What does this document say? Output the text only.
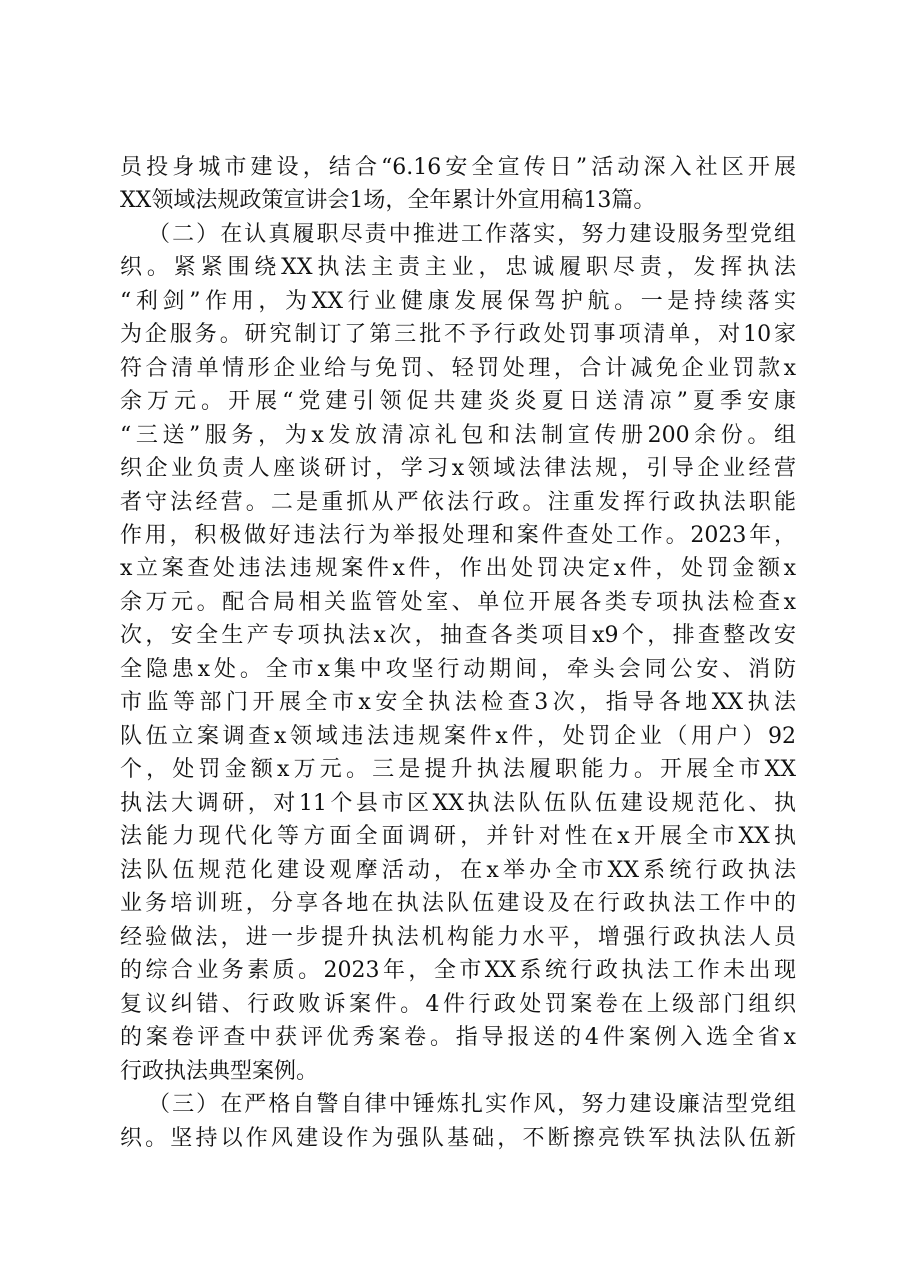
员投身城市建设，结合“6.16安全宣传日”活动深入社区开展
XX领域法规政策宣讲会1场，全年累计外宣用稿13篇。
（二）在认真履职尽责中推进工作落实，努力建设服务型党组
织。紧紧围绕XX执法主责主业，忠诚履职尽责，发挥执法
“利剑”作用，为XX行业健康发展保驾护航。一是持续落实
为企服务。研究制订了第三批不予行政处罚事项清单，对10家
符合清单情形企业给与免罚、轻罚处理，合计减免企业罚款x
余万元。开展“党建引领促共建炎炎夏日送清凉”夏季安康
“三送”服务，为x发放清凉礼包和法制宣传册200余份。组
织企业负责人座谈研讨，学习x领域法律法规，引导企业经营
者守法经营。二是重抓从严依法行政。注重发挥行政执法职能
作用，积极做好违法行为举报处理和案件查处工作。2023年，
x立案查处违法违规案件x件，作出处罚决定x件，处罚金额x
余万元。配合局相关监管处室、单位开展各类专项执法检查x
次，安全生产专项执法x次，抽查各类项目x9个，排查整改安
全隐患x处。全市x集中攻坚行动期间，牵头会同公安、消防
市监等部门开展全市x安全执法检查3次，指导各地XX执法
队伍立案调查x领域违法违规案件x件，处罚企业（用户）92
个，处罚金额x万元。三是提升执法履职能力。开展全市XX
执法大调研，对11个县市区XX执法队伍队伍建设规范化、执
法能力现代化等方面全面调研，并针对性在x开展全市XX执
法队伍规范化建设观摩活动，在x举办全市XX系统行政执法
业务培训班，分享各地在执法队伍建设及在行政执法工作中的
经验做法，进一步提升执法机构能力水平，增强行政执法人员
的综合业务素质。2023年，全市XX系统行政执法工作未出现
复议纠错、行政败诉案件。4件行政处罚案卷在上级部门组织
的案卷评查中获评优秀案卷。指导报送的4件案例入选全省x
行政执法典型案例。
（三）在严格自警自律中锤炼扎实作风，努力建设廉洁型党组
织。坚持以作风建设作为强队基础，不断擦亮铁军执法队伍新
